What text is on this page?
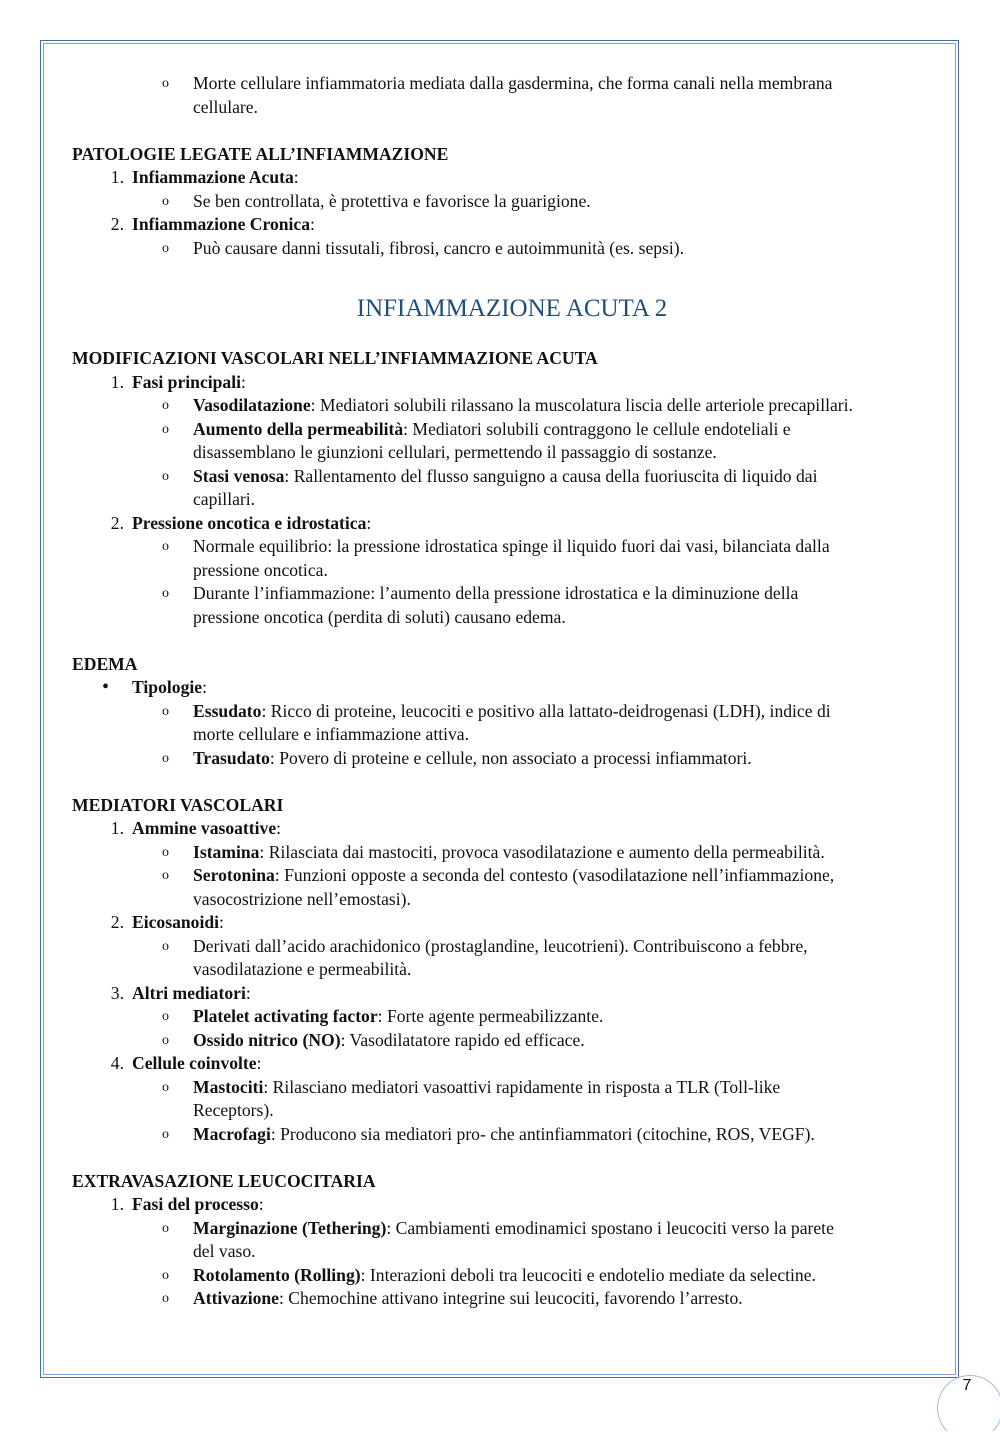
o Morte cellulare infiammatoria mediata dalla gasdermina, che forma canali nella membrana
cellulare.
PATOLOGIE LEGATE ALL’INFIAMMAZIONE
1. Infiammazione Acuta:
o Se ben controllata, è protettiva e favorisce la guarigione.
2. Infiammazione Cronica:
o Può causare danni tissutali, fibrosi, cancro e autoimmunità (es. sepsi).
INFIAMMAZIONE ACUTA 2
MODIFICAZIONI VASCOLARI NELL’INFIAMMAZIONE ACUTA
1. Fasi principali:
o Vasodilatazione: Mediatori solubili rilassano la muscolatura liscia delle arteriole precapillari.
o Aumento della permeabilità: Mediatori solubili contraggono le cellule endoteliali e
disassemblano le giunzioni cellulari, permettendo il passaggio di sostanze.
o Stasi venosa: Rallentamento del flusso sanguigno a causa della fuoriuscita di liquido dai
capillari.
2. Pressione oncotica e idrostatica:
o Normale equilibrio: la pressione idrostatica spinge il liquido fuori dai vasi, bilanciata dalla
pressione oncotica.
o Durante l’infiammazione: l’aumento della pressione idrostatica e la diminuzione della
pressione oncotica (perdita di soluti) causano edema.
EDEMA
• Tipologie:
o Essudato: Ricco di proteine, leucociti e positivo alla lattato-deidrogenasi (LDH), indice di
morte cellulare e infiammazione attiva.
o Trasudato: Povero di proteine e cellule, non associato a processi infiammatori.
MEDIATORI VASCOLARI
1. Ammine vasoattive:
o Istamina: Rilasciata dai mastociti, provoca vasodilatazione e aumento della permeabilità.
o Serotonina: Funzioni opposte a seconda del contesto (vasodilatazione nell’infiammazione,
vasocostrizione nell’emostasi).
2. Eicosanoidi:
o Derivati dall’acido arachidonico (prostaglandine, leucotrieni). Contribuiscono a febbre,
vasodilatazione e permeabilità.
3. Altri mediatori:
o Platelet activating factor: Forte agente permeabilizzante.
o Ossido nitrico (NO): Vasodilatatore rapido ed efficace.
4. Cellule coinvolte:
o Mastociti: Rilasciano mediatori vasoattivi rapidamente in risposta a TLR (Toll-like
Receptors).
o Macrofagi: Producono sia mediatori pro- che antinfiammatori (citochine, ROS, VEGF).
EXTRAVASAZIONE LEUCOCITARIA
1. Fasi del processo:
o Marginazione (Tethering): Cambiamenti emodinamici spostano i leucociti verso la parete
del vaso.
o Rotolamento (Rolling): Interazioni deboli tra leucociti e endotelio mediate da selectine.
o Attivazione: Chemochine attivano integrine sui leucociti, favorendo l’arresto.
7
